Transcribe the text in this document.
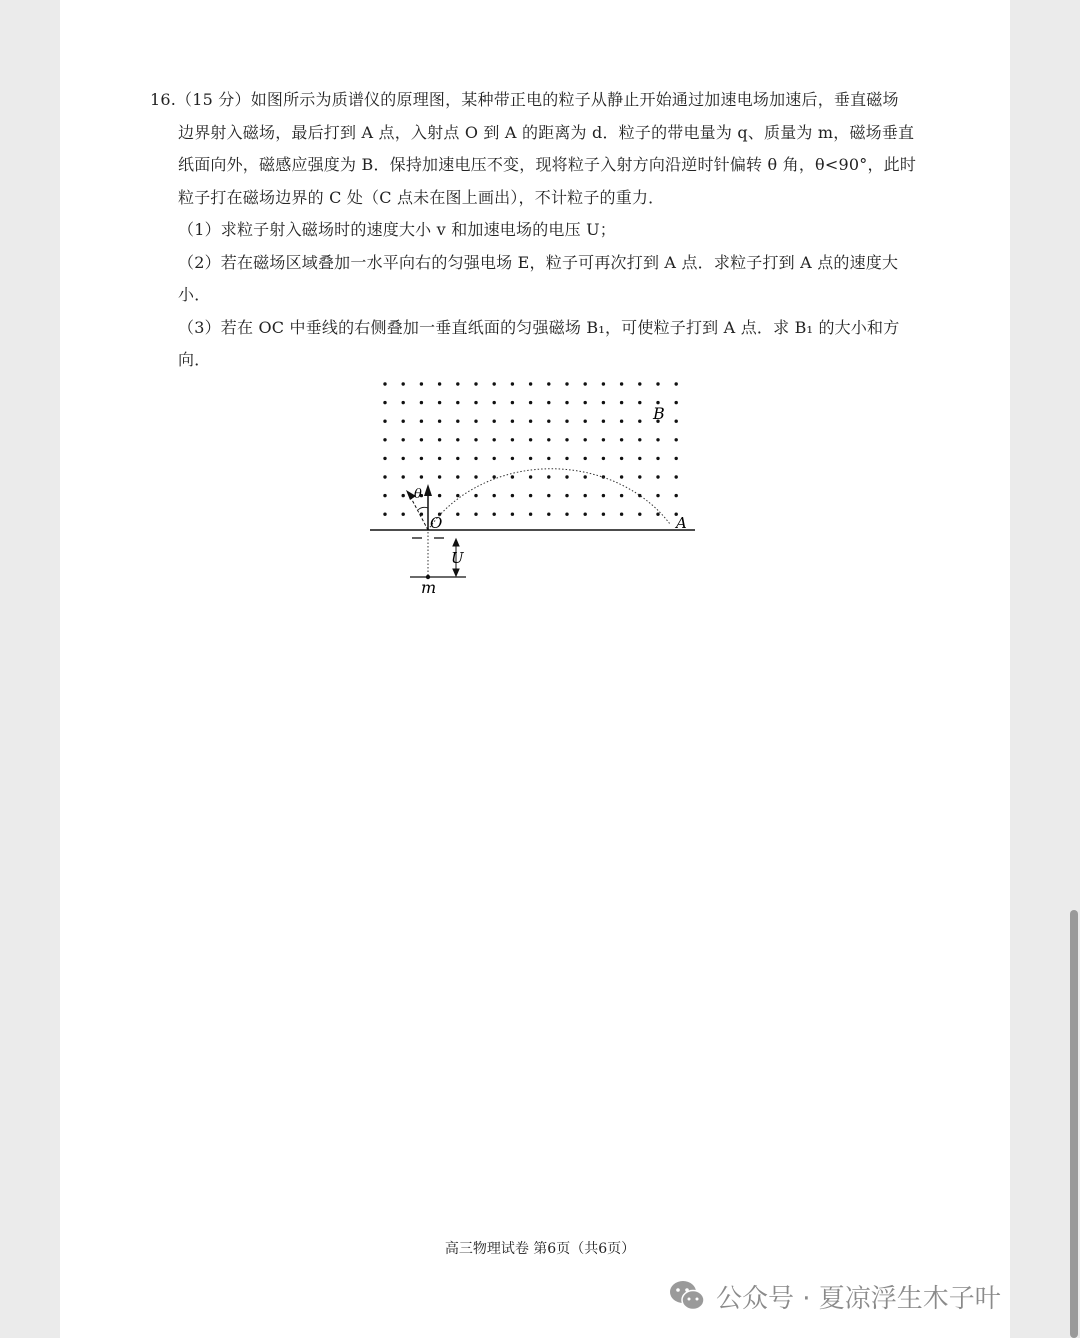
16.（15 分）如图所示为质谱仪的原理图，某种带正电的粒子从静止开始通过加速电场加速后，垂直磁场

边界射入磁场，最后打到 A 点，入射点 O 到 A 的距离为 d．粒子的带电量为 q、质量为 m，磁场垂直

纸面向外，磁感应强度为 B．保持加速电压不变，现将粒子入射方向沿逆时针偏转 θ 角，θ<90°，此时

粒子打在磁场边界的 C 处（C 点未在图上画出），不计粒子的重力．

（1）求粒子射入磁场时的速度大小 v 和加速电场的电压 U；

（2）若在磁场区域叠加一水平向右的匀强电场 E，粒子可再次打到 A 点．求粒子打到 A 点的速度大

小．

（3）若在 OC 中垂线的右侧叠加一垂直纸面的匀强磁场 B₁，可使粒子打到 A 点．求 B₁ 的大小和方

向．

θ
B
O	A
U
m
高三物理试卷 第6页（共6页）
公众号 · 夏凉浮生木子叶
